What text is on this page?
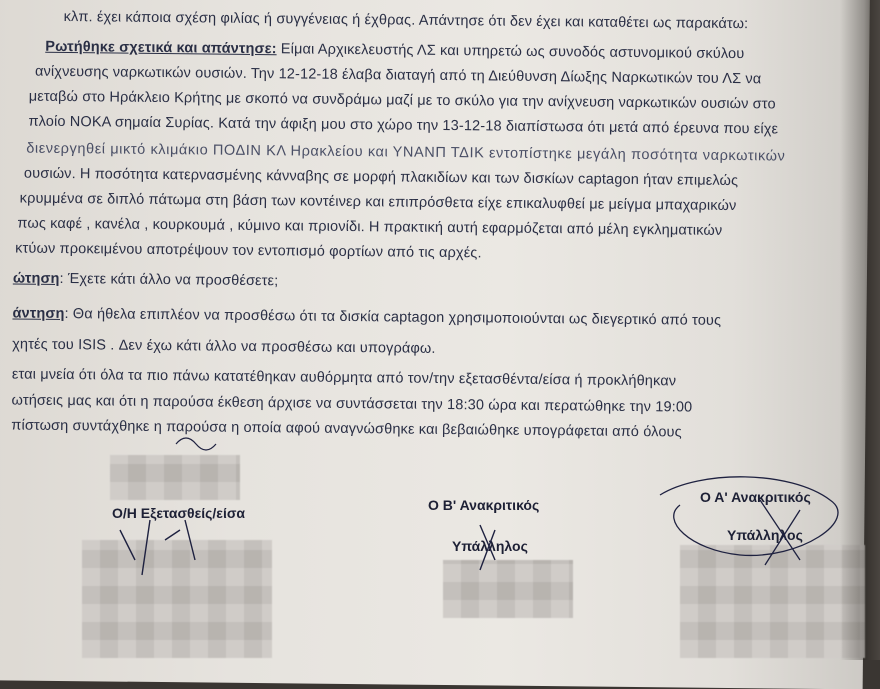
κλπ. έχει κάποια σχέση φιλίας ή συγγένειας ή έχθρας. Απάντησε ότι δεν έχει και καταθέτει ως παρακάτω:
Ρωτήθηκε σχετικά και απάντησε: Είμαι Αρχικελευστής ΛΣ και υπηρετώ ως συνοδός αστυνομικού σκύλου
ανίχνευσης ναρκωτικών ουσιών. Την 12-12-18 έλαβα διαταγή από τη Διεύθυνση Δίωξης Ναρκωτικών του ΛΣ να
μεταβώ στο Ηράκλειο Κρήτης με σκοπό να συνδράμω μαζί με το σκύλο για την ανίχνευση ναρκωτικών ουσιών στο
πλοίο ΝΟΚΑ σημαία Συρίας. Κατά την άφιξη μου στο χώρο την 13-12-18 διαπίστωσα ότι μετά από έρευνα που είχε
διενεργηθεί μικτό κλιμάκιο ΠΟΔΙΝ ΚΛ Ηρακλείου και ΥΝΑΝΠ ΤΔΙΚ εντοπίστηκε μεγάλη ποσότητα ναρκωτικών
ουσιών. Η ποσότητα κατερνασμένης κάνναβης σε μορφή πλακιδίων και των δισκίων captagon ήταν επιμελώς
κρυμμένα σε διπλό πάτωμα στη βάση των κοντέινερ και επιπρόσθετα είχε επικαλυφθεί με μείγμα μπαχαρικών
πως καφέ , κανέλα , κουρκουμά , κύμινο και πριονίδι. Η πρακτική αυτή εφαρμόζεται από μέλη εγκληματικών
κτύων προκειμένου αποτρέψουν τον εντοπισμό φορτίων από τις αρχές.
ώτηση: Έχετε κάτι άλλο να προσθέσετε;
άντηση: Θα ήθελα επιπλέον να προσθέσω ότι τα δισκία captagon χρησιμοποιούνται ως διεγερτικό από τους
χητές του ISIS . Δεν έχω κάτι άλλο να προσθέσω και υπογράφω.
εται μνεία ότι όλα τα πιο πάνω κατατέθηκαν αυθόρμητα από τον/την εξετασθέντα/είσα ή προκλήθηκαν
ωτήσεις μας και ότι η παρούσα έκθεση άρχισε να συντάσσεται την 18:30 ώρα και περατώθηκε την 19:00
πίστωση συντάχθηκε η παρούσα η οποία αφού αναγνώσθηκε και βεβαιώθηκε υπογράφεται από όλους
Ο/Η Εξετασθείς/είσα	Ο Β' Ανακριτικός
Υπάλληλος
Ο Α' Ανακριτικός
Υπάλληλος
